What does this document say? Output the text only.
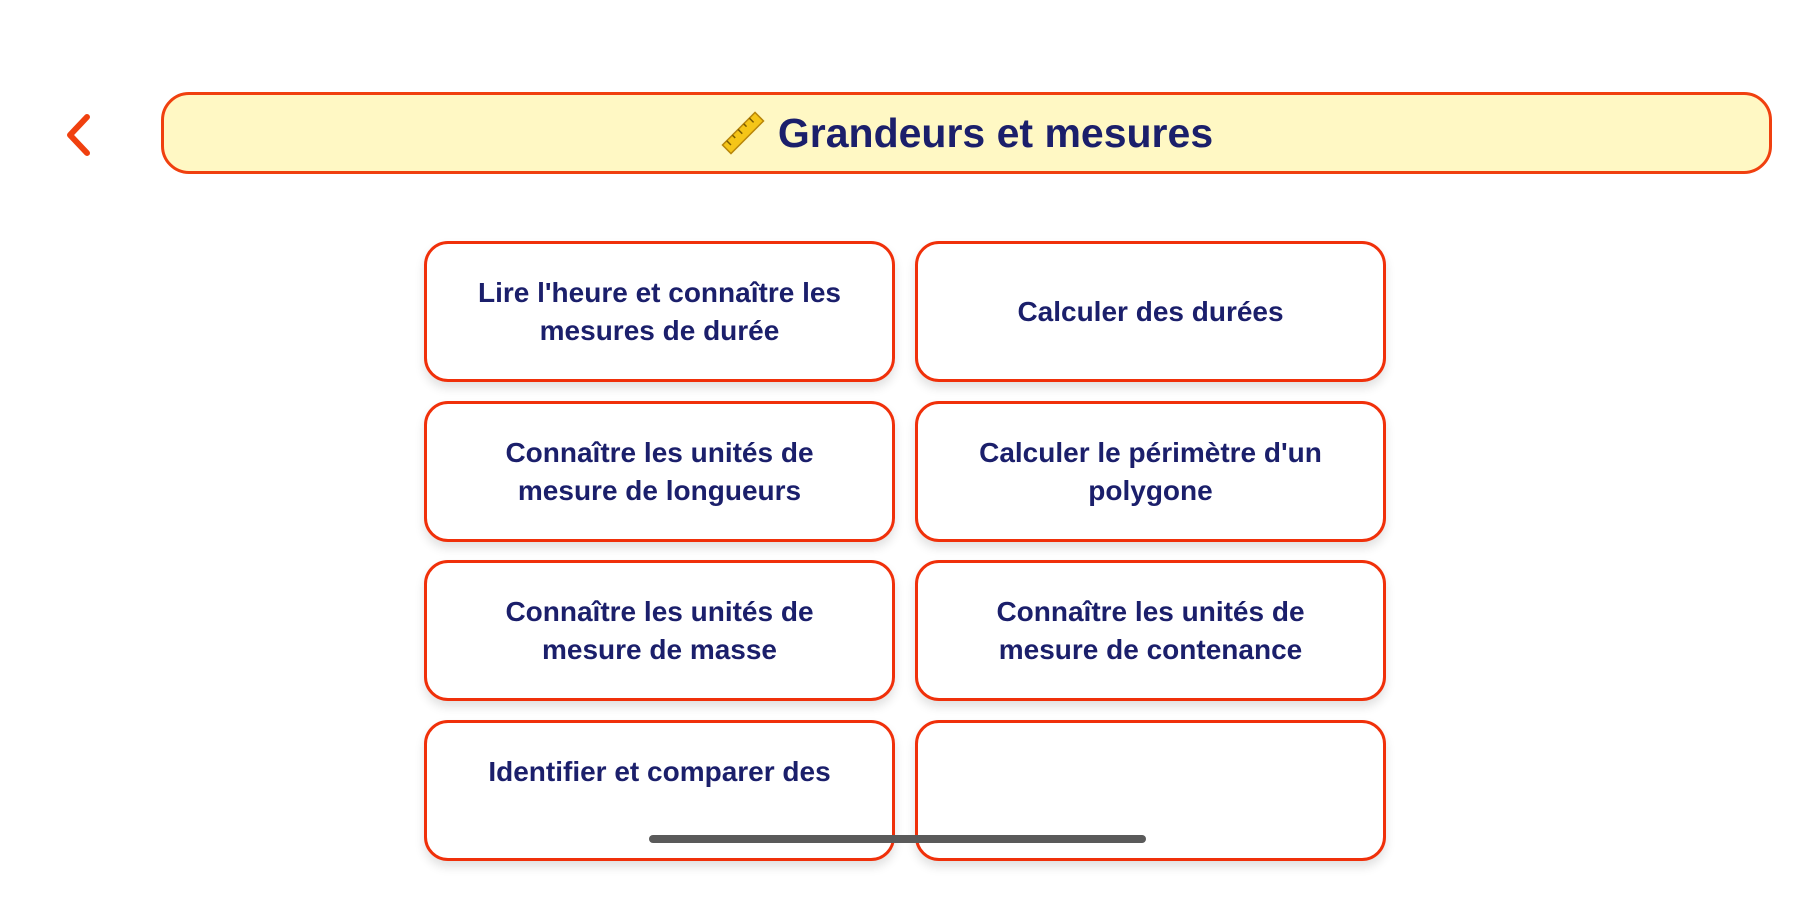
Grandeurs et mesures
Lire l'heure et connaître les mesures de durée
Calculer des durées
Connaître les unités de mesure de longueurs
Calculer le périmètre d'un polygone
Connaître les unités de mesure de masse
Connaître les unités de mesure de contenance
Identifier et comparer des
